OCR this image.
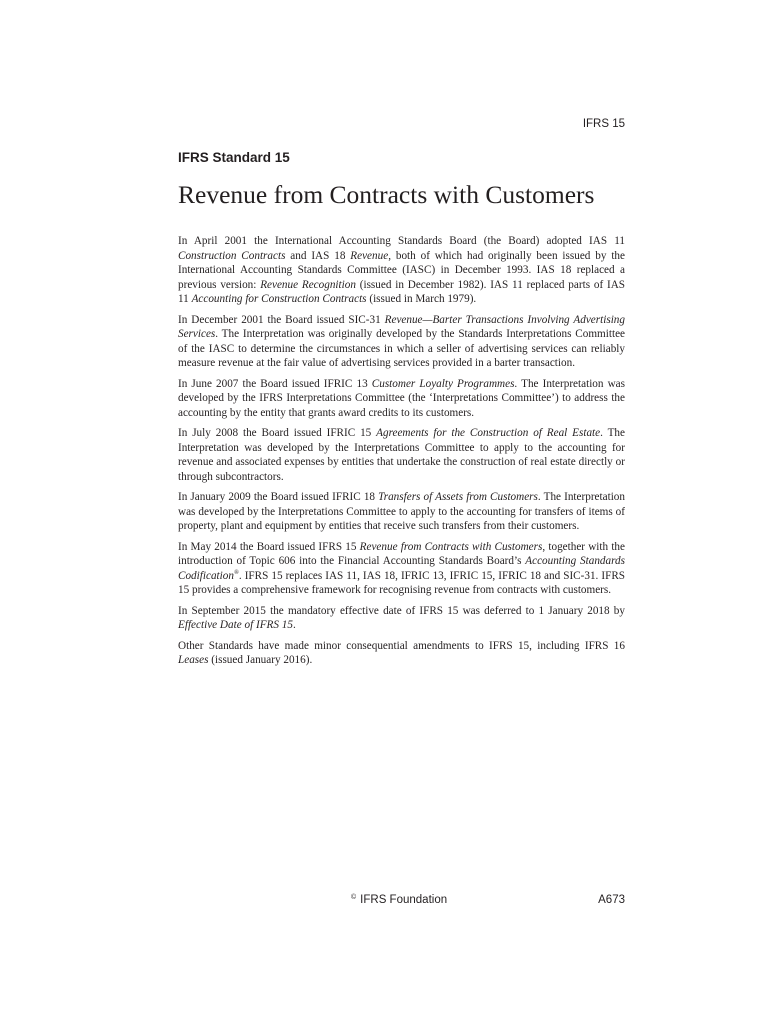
IFRS 15
IFRS Standard 15
Revenue from Contracts with Customers

In April 2001 the International Accounting Standards Board (the Board) adopted IAS 11 Construction Contracts and IAS 18 Revenue, both of which had originally been issued by the International Accounting Standards Committee (IASC) in December 1993. IAS 18 replaced a previous version: Revenue Recognition (issued in December 1982). IAS 11 replaced parts of IAS 11 Accounting for Construction Contracts (issued in March 1979).

In December 2001 the Board issued SIC-31 Revenue—Barter Transactions Involving Advertising Services. The Interpretation was originally developed by the Standards Interpretations Committee of the IASC to determine the circumstances in which a seller of advertising services can reliably measure revenue at the fair value of advertising services provided in a barter transaction.

In June 2007 the Board issued IFRIC 13 Customer Loyalty Programmes. The Interpretation was developed by the IFRS Interpretations Committee (the ‘Interpretations Committee’) to address the accounting by the entity that grants award credits to its customers.

In July 2008 the Board issued IFRIC 15 Agreements for the Construction of Real Estate. The Interpretation was developed by the Interpretations Committee to apply to the accounting for revenue and associated expenses by entities that undertake the construction of real estate directly or through subcontractors.

In January 2009 the Board issued IFRIC 18 Transfers of Assets from Customers. The Interpretation was developed by the Interpretations Committee to apply to the accounting for transfers of items of property, plant and equipment by entities that receive such transfers from their customers.

In May 2014 the Board issued IFRS 15 Revenue from Contracts with Customers, together with the introduction of Topic 606 into the Financial Accounting Standards Board’s Accounting Standards Codification®. IFRS 15 replaces IAS 11, IAS 18, IFRIC 13, IFRIC 15, IFRIC 18 and SIC-31. IFRS 15 provides a comprehensive framework for recognising revenue from contracts with customers.

In September 2015 the mandatory effective date of IFRS 15 was deferred to 1 January 2018 by Effective Date of IFRS 15.

Other Standards have made minor consequential amendments to IFRS 15, including IFRS 16 Leases (issued January 2016).

© IFRS Foundation	A673
